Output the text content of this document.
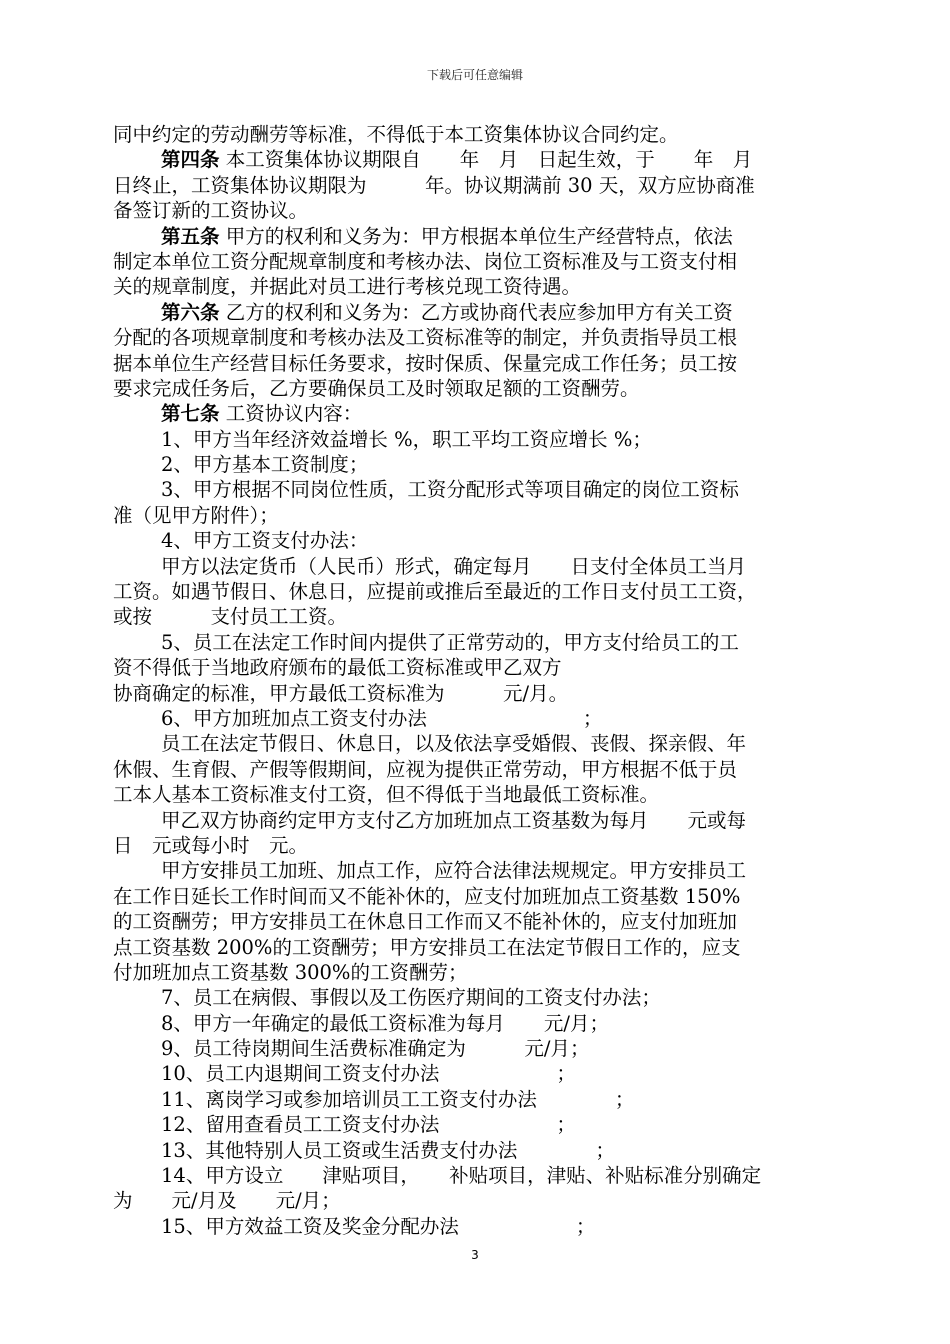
下载后可任意编辑
同中约定的劳动酬劳等标准，不得低于本工资集体协议合同约定。
第四条 本工资集体协议期限自　　年　月　日起生效，于　　年　月
日终止，工资集体协议期限为　　　年。协议期满前 30 天，双方应协商准
备签订新的工资协议。
第五条 甲方的权利和义务为：甲方根据本单位生产经营特点，依法
制定本单位工资分配规章制度和考核办法、岗位工资标准及与工资支付相
关的规章制度，并据此对员工进行考核兑现工资待遇。
第六条 乙方的权利和义务为：乙方或协商代表应参加甲方有关工资
分配的各项规章制度和考核办法及工资标准等的制定，并负责指导员工根
据本单位生产经营目标任务要求，按时保质、保量完成工作任务；员工按
要求完成任务后，乙方要确保员工及时领取足额的工资酬劳。
第七条 工资协议内容：
1、甲方当年经济效益增长 %，职工平均工资应增长 %；
2、甲方基本工资制度；
3、甲方根据不同岗位性质，工资分配形式等项目确定的岗位工资标
准（见甲方附件）；
4、甲方工资支付办法：
甲方以法定货币（人民币）形式，确定每月　　日支付全体员工当月
工资。如遇节假日、休息日，应提前或推后至最近的工作日支付员工工资，
或按　　　支付员工工资。
5、员工在法定工作时间内提供了正常劳动的，甲方支付给员工的工
资不得低于当地政府颁布的最低工资标准或甲乙双方
协商确定的标准，甲方最低工资标准为　　　元/月。
6、甲方加班加点工资支付办法　　　　　　　　；
员工在法定节假日、休息日，以及依法享受婚假、丧假、探亲假、年
休假、生育假、产假等假期间，应视为提供正常劳动，甲方根据不低于员
工本人基本工资标准支付工资，但不得低于当地最低工资标准。
甲乙双方协商约定甲方支付乙方加班加点工资基数为每月　　元或每
日　元或每小时　元。
甲方安排员工加班、加点工作，应符合法律法规规定。甲方安排员工
在工作日延长工作时间而又不能补休的，应支付加班加点工资基数 150%
的工资酬劳；甲方安排员工在休息日工作而又不能补休的，应支付加班加
点工资基数 200%的工资酬劳；甲方安排员工在法定节假日工作的，应支
付加班加点工资基数 300%的工资酬劳；
7、员工在病假、事假以及工伤医疗期间的工资支付办法；
8、甲方一年确定的最低工资标准为每月　　元/月；
9、员工待岗期间生活费标准确定为　　　元/月；
10、员工内退期间工资支付办法　　　　　　；
11、离岗学习或参加培训员工工资支付办法　　　　；
12、留用查看员工工资支付办法　　　　　　；
13、其他特别人员工资或生活费支付办法　　　　；
14、甲方设立　　津贴项目，　　补贴项目，津贴、补贴标准分别确定
为　　元/月及　　元/月；
15、甲方效益工资及奖金分配办法　　　　　　；
3
